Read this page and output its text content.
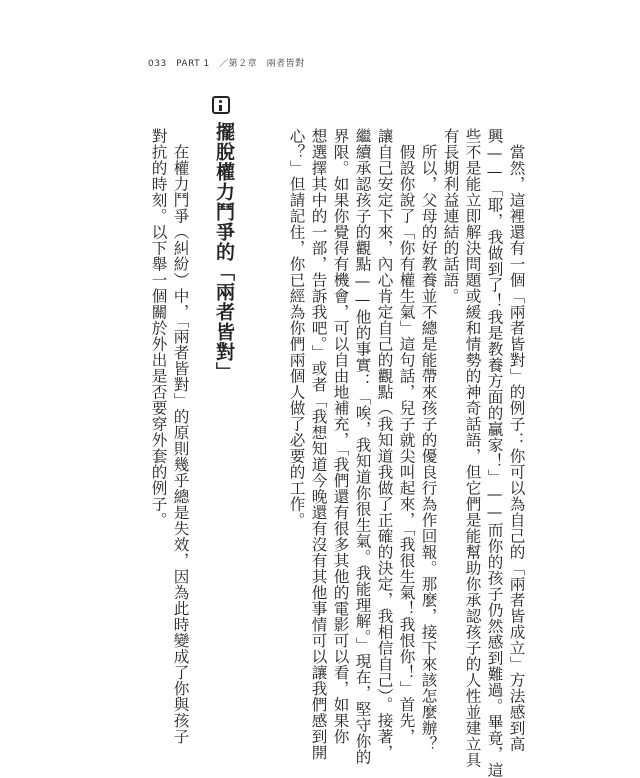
033 PART 1 ／第２章　兩者皆對
　當然，這裡還有一個「兩者皆對」的例子：你可以為自己的「兩者皆成立」方法感到高
興——「耶，我做到了！我是教養方面的贏家！」——而你的孩子仍然感到難過。畢竟，這
些不是能立即解決問題或緩和情勢的神奇話語，但它們是能幫助你承認孩子的人性並建立具
有長期利益連結的話語。
　所以，父母的好教養並不總是能帶來孩子的優良行為作回報。那麼，接下來該怎麼辦？
　假設你說了「你有權生氣」這句話，兒子就尖叫起來，「我很生氣！我恨你！」首先，
讓自己安定下來，內心肯定自己的觀點（我知道我做了正確的決定，我相信自己）。接著，
繼續承認孩子的觀點——他的事實：「唉，我知道你很生氣。我能理解。」現在，堅守你的
界限。如果你覺得有機會，可以自由地補充，「我們還有很多其他的電影可以看，如果你
想選擇其中的一部，告訴我吧。」或者「我想知道今晚還有沒有其他事情可以讓我們感到開
心？」但請記住，你已經為你們兩個人做了必要的工作。
擺脫權力鬥爭的「兩者皆對」
　在權力鬥爭（糾紛）中，「兩者皆對」的原則幾乎總是失效，因為此時變成了你與孩子
對抗的時刻。以下舉一個關於外出是否要穿外套的例子。
